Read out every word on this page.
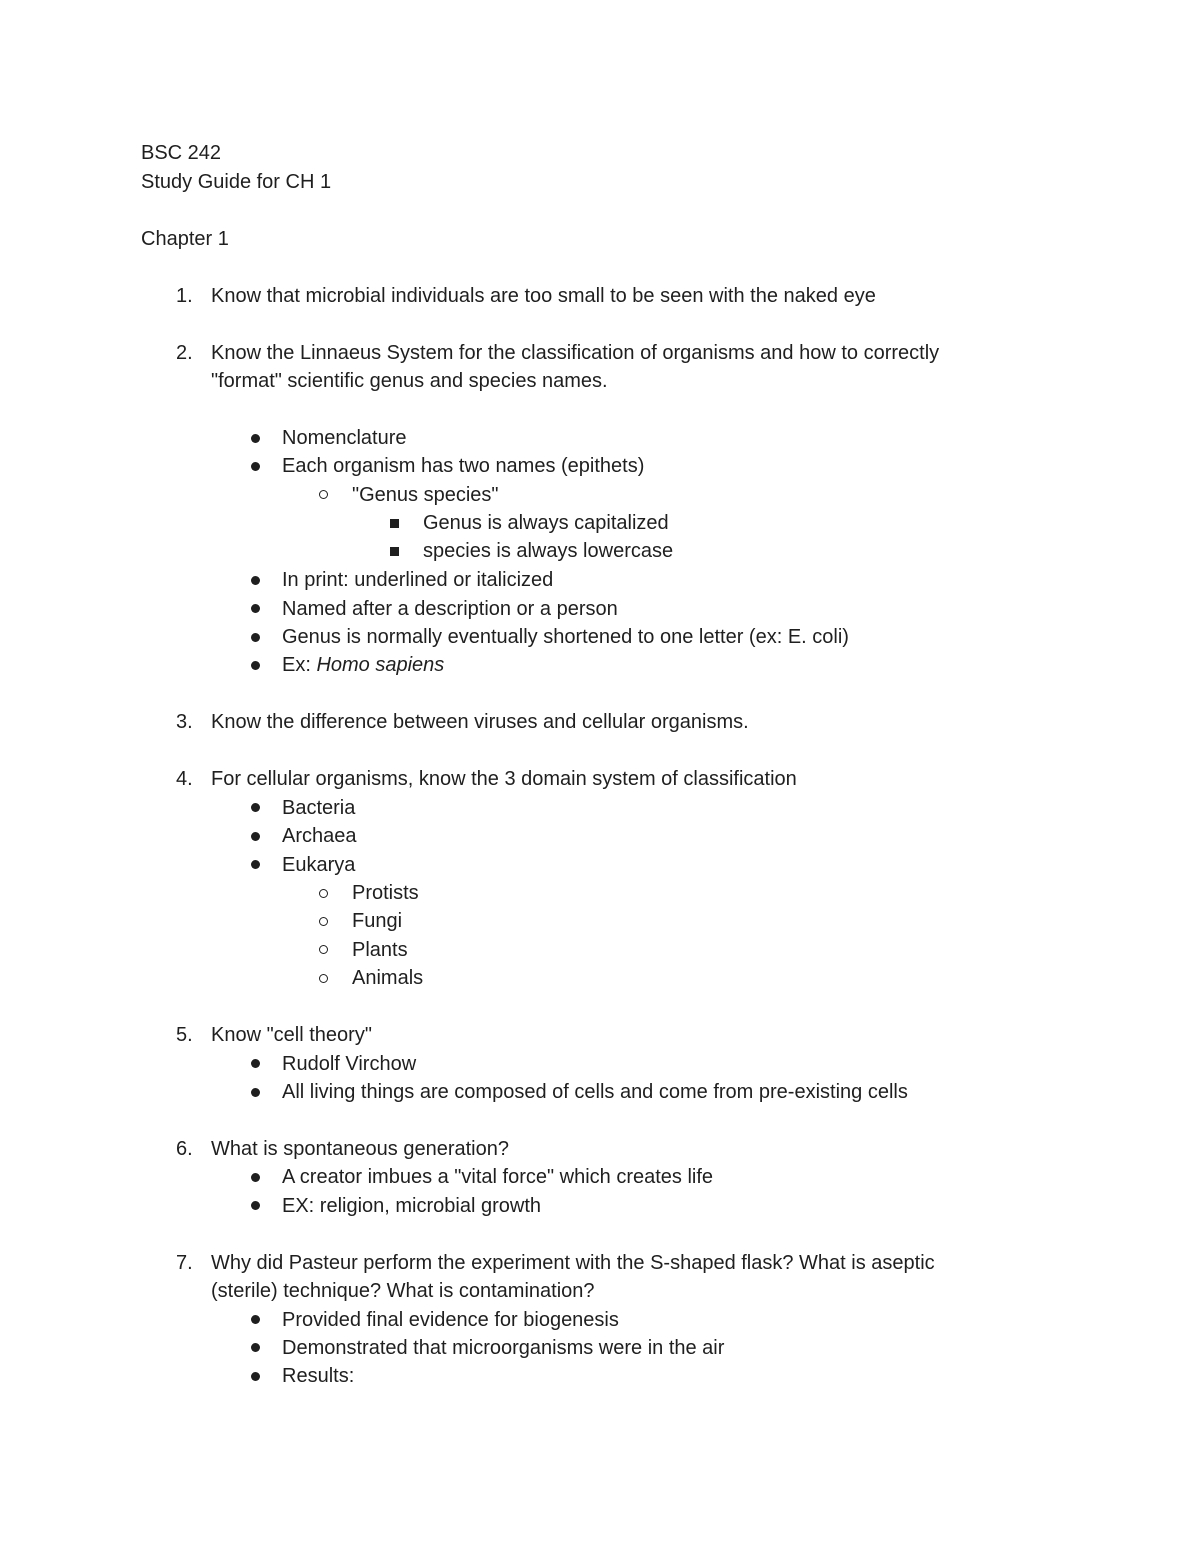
BSC 242
Study Guide for CH 1
Chapter 1
1. Know that microbial individuals are too small to be seen with the naked eye
2. Know the Linnaeus System for the classification of organisms and how to correctly
"format" scientific genus and species names.
Nomenclature
Each organism has two names (epithets)
"Genus species"
Genus is always capitalized
species is always lowercase
In print: underlined or italicized
Named after a description or a person
Genus is normally eventually shortened to one letter (ex: E. coli)
Ex: Homo sapiens
3. Know the difference between viruses and cellular organisms.
4. For cellular organisms, know the 3 domain system of classification
Bacteria
Archaea
Eukarya
Protists
Fungi
Plants
Animals
5. Know "cell theory"
Rudolf Virchow
All living things are composed of cells and come from pre-existing cells
6. What is spontaneous generation?
A creator imbues a "vital force" which creates life
EX: religion, microbial growth
7. Why did Pasteur perform the experiment with the S-shaped flask? What is aseptic
(sterile) technique? What is contamination?
Provided final evidence for biogenesis
Demonstrated that microorganisms were in the air
Results:
